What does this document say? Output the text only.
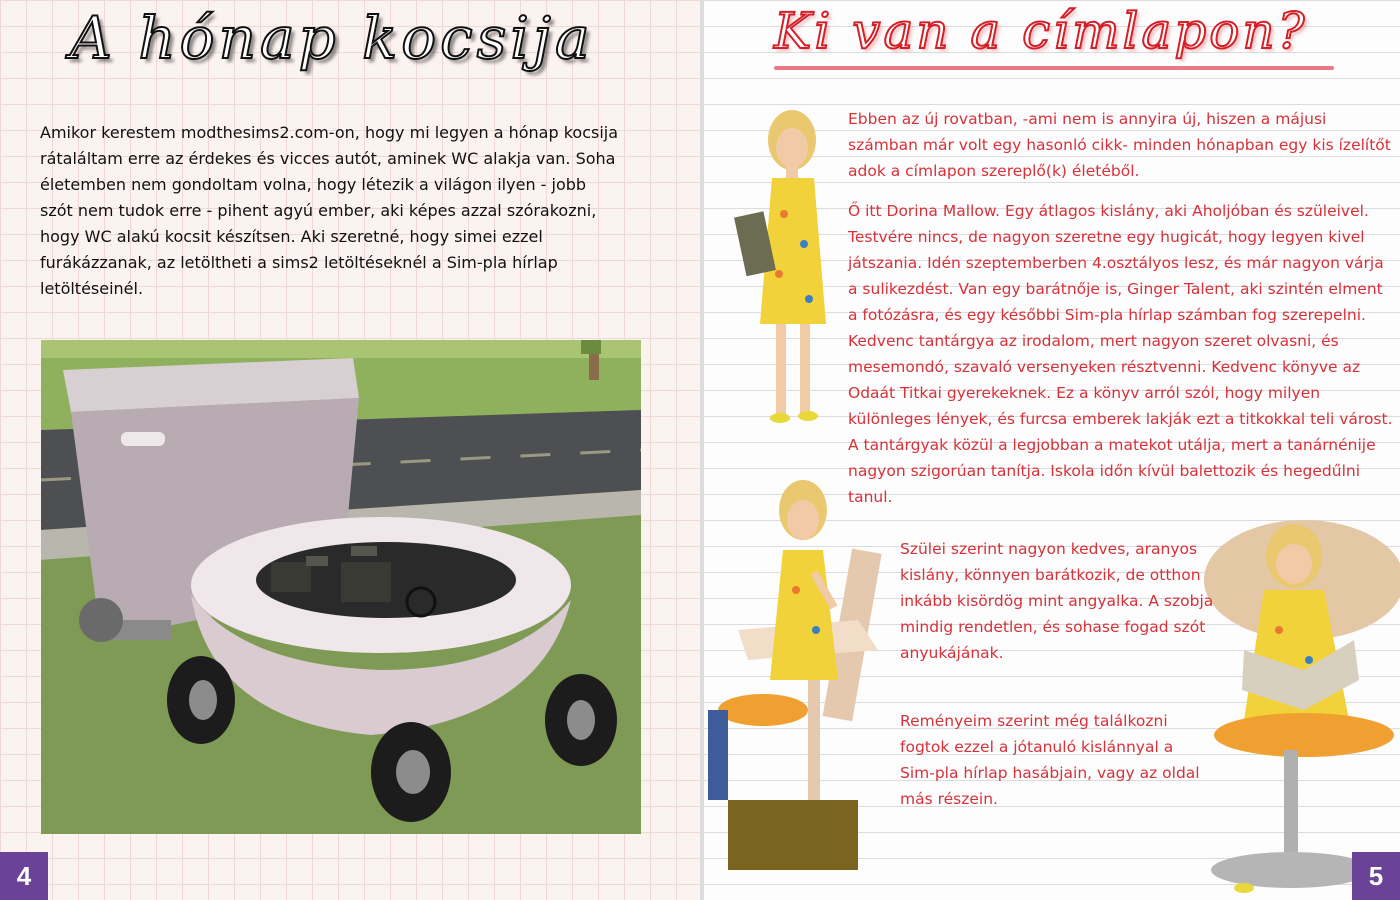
A hónap kocsija
Amikor kerestem modthesims2.com-on, hogy mi legyen a hónap kocsija rátaláltam erre az érdekes és vicces autót, aminek WC alakja van. Soha életemben nem gondoltam volna, hogy létezik a világon ilyen - jobb szót nem tudok erre - pihent agyú ember, aki képes azzal szórakozni, hogy WC alakú kocsit készítsen. Aki szeretné, hogy simei ezzel furákázzanak, az letöltheti a sims2 letöltéseknél a Sim-pla hírlap letöltéseinél.
4
Ki van a címlapon?
Ebben az új rovatban, -ami nem is annyira új, hiszen a májusi számban már volt egy hasonló cikk- minden hónapban egy kis ízelítőt adok a címlapon szereplő(k) életéből.
Ő itt Dorina Mallow. Egy átlagos kislány, aki Aholjóban és szüleivel. Testvére nincs, de nagyon szeretne egy hugicát, hogy legyen kivel játszania. Idén szeptemberben 4.osztályos lesz, és már nagyon várja a sulikezdést. Van egy barátnője is, Ginger Talent, aki szintén elment a fotózásra, és egy későbbi Sim-pla hírlap számban fog szerepelni. Kedvenc tantárgya az irodalom, mert nagyon szeret olvasni, és mesemondó, szavaló versenyeken résztvenni. Kedvenc könyve az Odaát Titkai gyerekeknek. Ez a könyv arról szól, hogy milyen különleges lények, és furcsa emberek lakják ezt a titkokkal teli várost. A tantárgyak közül a legjobban a matekot utálja, mert a tanárnénije nagyon szigorúan tanítja. Iskola időn kívül balettozik és hegedűlni tanul.
Szülei szerint nagyon kedves, aranyos kislány, könnyen barátkozik, de otthon inkább kisördög mint angyalka. A szobja mindig rendetlen, és sohase fogad szót anyukájának.
Reményeim szerint még találkozni fogtok ezzel a jótanuló kislánnyal a Sim-pla hírlap hasábjain, vagy az oldal más részein.
5
